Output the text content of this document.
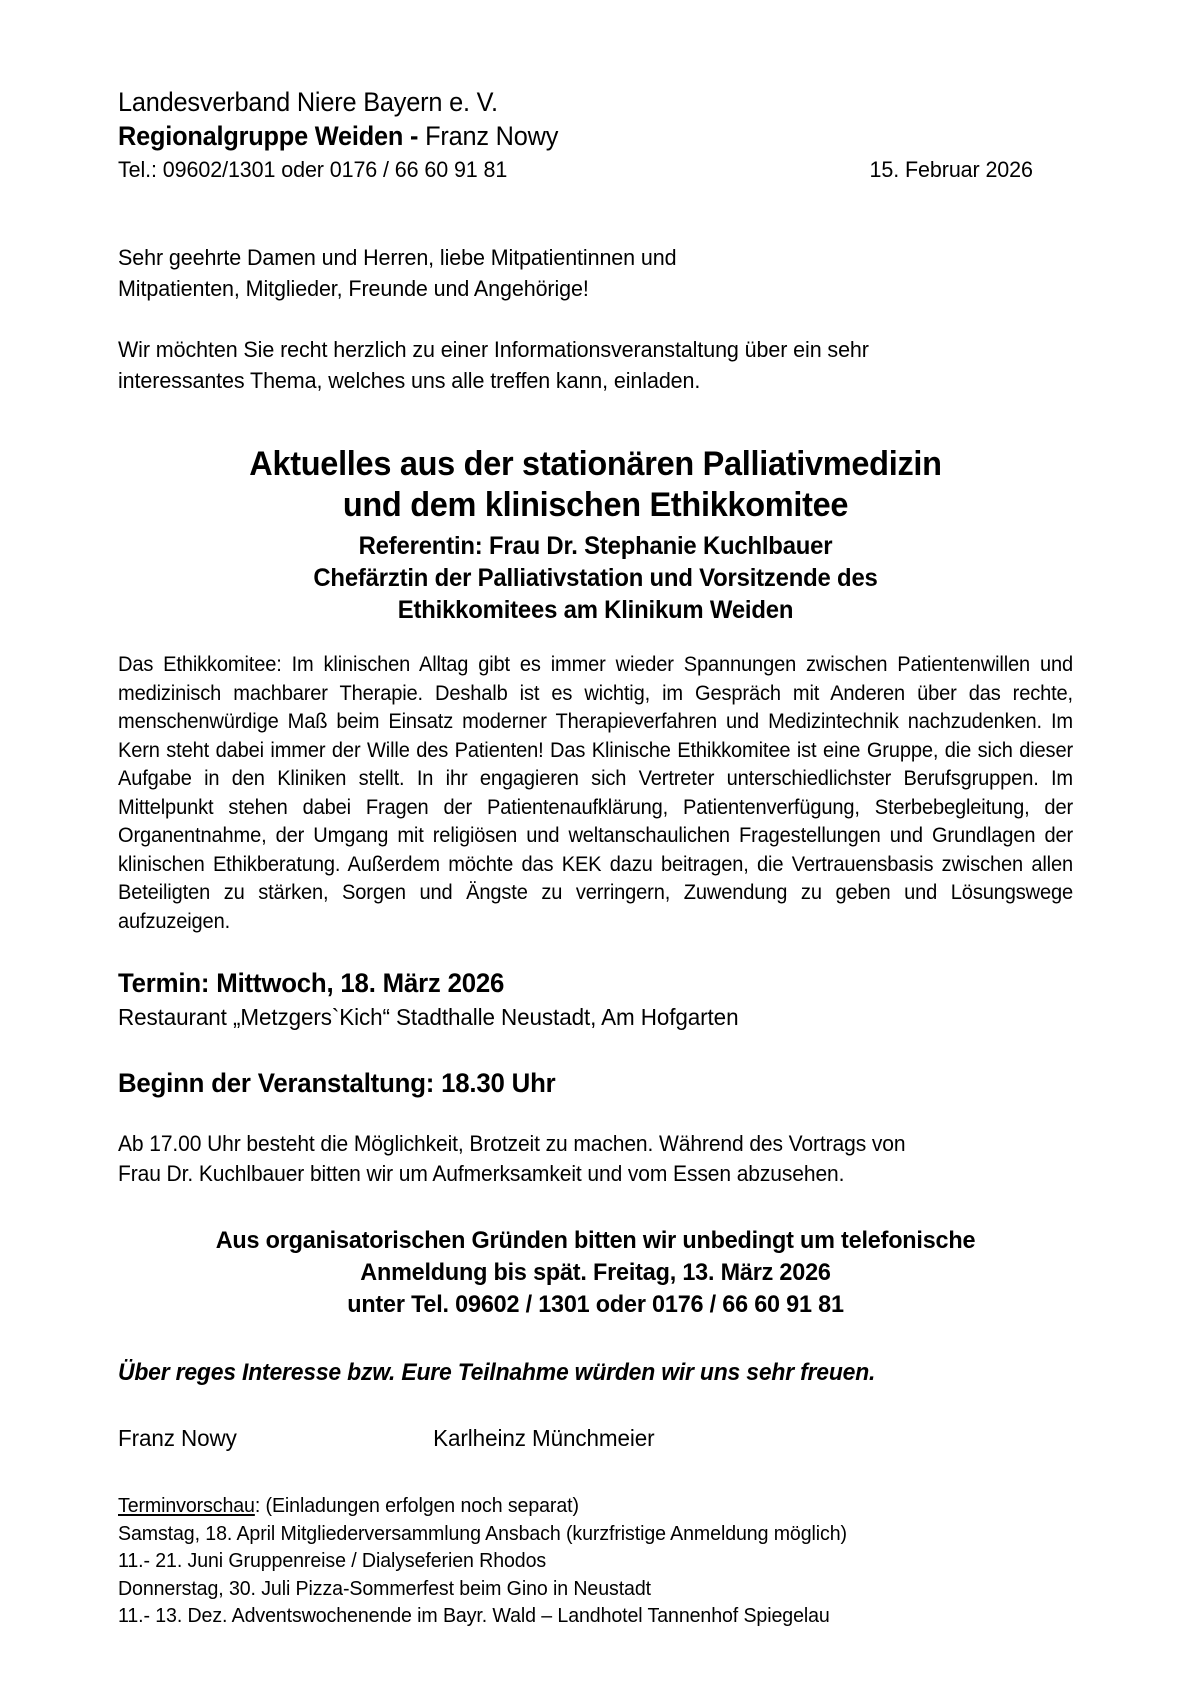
Landesverband Niere Bayern e. V.
Regionalgruppe Weiden - Franz Nowy
Tel.: 09602/1301 oder 0176 / 66 60 91 81	15. Februar 2026
Sehr geehrte Damen und Herren, liebe Mitpatientinnen und
Mitpatienten, Mitglieder, Freunde und Angehörige!
Wir möchten Sie recht herzlich zu einer Informationsveranstaltung über ein sehr
interessantes Thema, welches uns alle treffen kann, einladen.
Aktuelles aus der stationären Palliativmedizin
und dem klinischen Ethikkomitee
Referentin: Frau Dr. Stephanie Kuchlbauer
Chefärztin der Palliativstation und Vorsitzende des
Ethikkomitees am Klinikum Weiden
Das Ethikkomitee: Im klinischen Alltag gibt es immer wieder Spannungen zwischen Patientenwillen und medizinisch machbarer Therapie. Deshalb ist es wichtig, im Gespräch mit Anderen über das rechte, menschenwürdige Maß beim Einsatz moderner Therapieverfahren und Medizintechnik nachzudenken. Im Kern steht dabei immer der Wille des Patienten! Das Klinische Ethikkomitee ist eine Gruppe, die sich dieser Aufgabe in den Kliniken stellt. In ihr engagieren sich Vertreter unterschiedlichster Berufsgruppen. Im Mittelpunkt stehen dabei Fragen der Patientenaufklärung, Patientenverfügung, Sterbebegleitung, der Organentnahme, der Umgang mit religiösen und weltanschaulichen Fragestellungen und Grundlagen der klinischen Ethikberatung. Außerdem möchte das KEK dazu beitragen, die Vertrauensbasis zwischen allen Beteiligten zu stärken, Sorgen und Ängste zu verringern, Zuwendung zu geben und Lösungswege aufzuzeigen.
Termin: Mittwoch, 18. März 2026
Restaurant „Metzgers`Kich“ Stadthalle Neustadt, Am Hofgarten
Beginn der Veranstaltung: 18.30 Uhr
Ab 17.00 Uhr besteht die Möglichkeit, Brotzeit zu machen. Während des Vortrags von
Frau Dr. Kuchlbauer bitten wir um Aufmerksamkeit und vom Essen abzusehen.
Aus organisatorischen Gründen bitten wir unbedingt um telefonische
Anmeldung bis spät. Freitag, 13. März 2026
unter Tel. 09602 / 1301 oder 0176 / 66 60 91 81
Über reges Interesse bzw. Eure Teilnahme würden wir uns sehr freuen.
Franz Nowy	Karlheinz Münchmeier
Terminvorschau: (Einladungen erfolgen noch separat)
Samstag, 18. April Mitgliederversammlung Ansbach (kurzfristige Anmeldung möglich)
11.- 21. Juni Gruppenreise / Dialyseferien Rhodos
Donnerstag, 30. Juli Pizza-Sommerfest beim Gino in Neustadt
11.- 13. Dez. Adventswochenende im Bayr. Wald – Landhotel Tannenhof Spiegelau
